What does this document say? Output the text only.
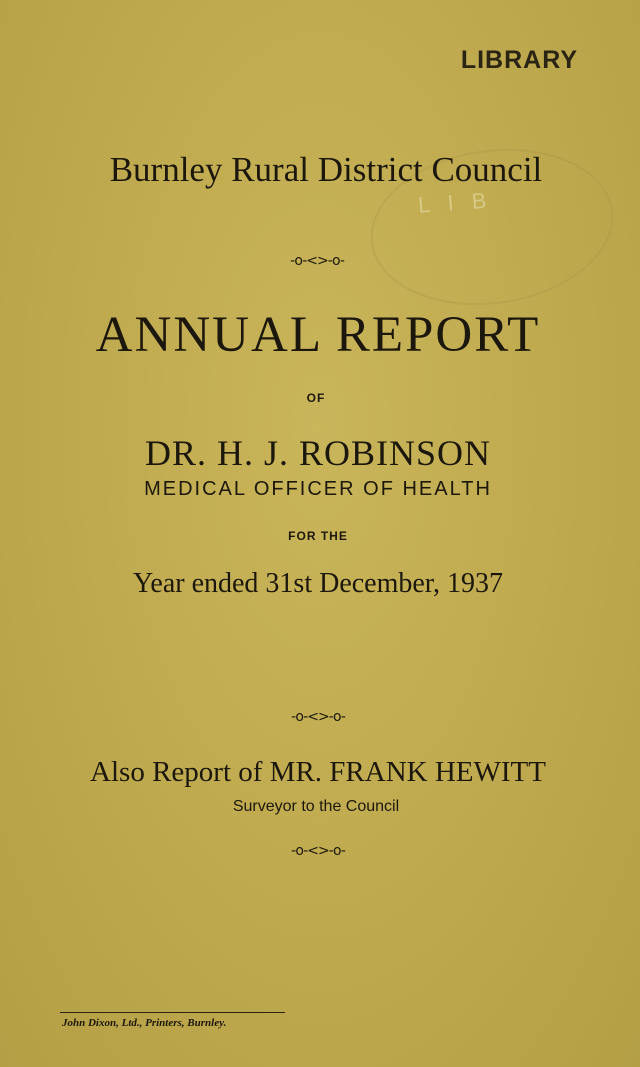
LIBRARY
L I B
Burnley Rural District Council
-o-<>-o-
ANNUAL REPORT
OF
DR. H. J. ROBINSON
MEDICAL OFFICER OF HEALTH
FOR THE
Year ended 31st December, 1937
-o-<>-o-
Also Report of MR. FRANK HEWITT
Surveyor to the Council
-o-<>-o-
John Dixon, Ltd., Printers, Burnley.
